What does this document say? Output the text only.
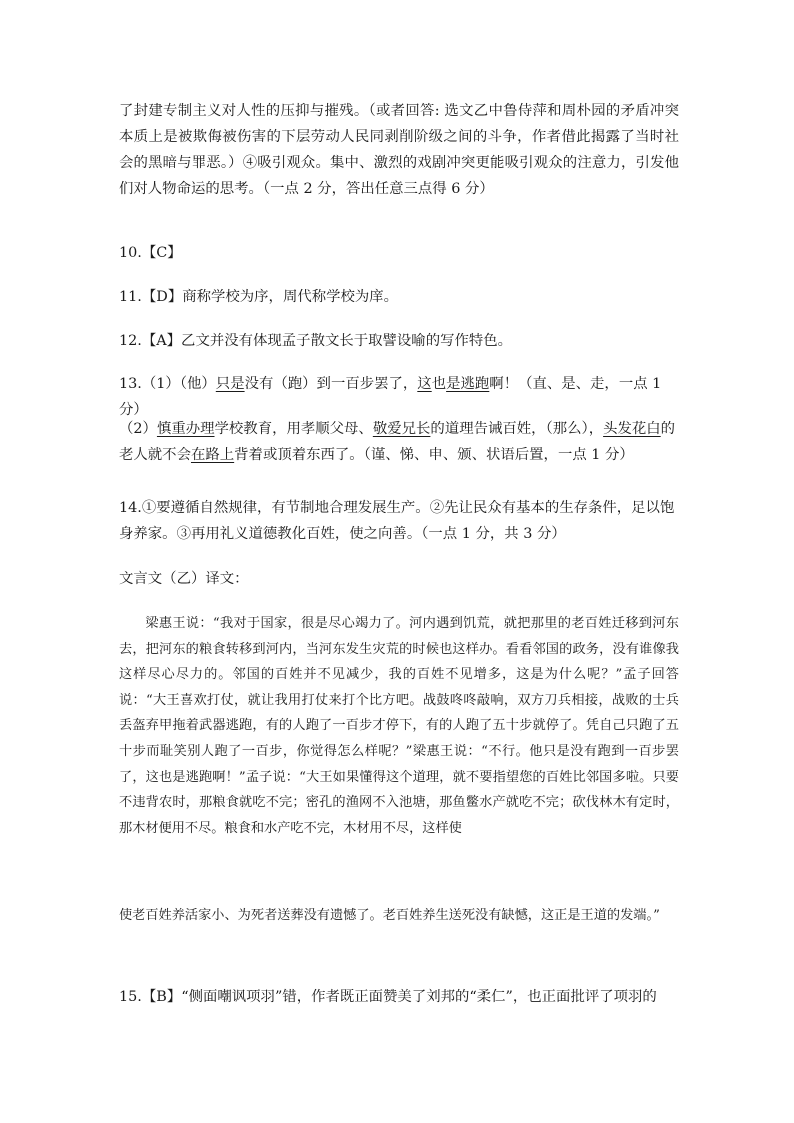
了封建专制主义对人性的压抑与摧残。（或者回答: 选文乙中鲁侍萍和周朴园的矛盾冲突本质上是被欺侮被伤害的下层劳动人民同剥削阶级之间的斗争，作者借此揭露了当时社会的黑暗与罪恶。）④吸引观众。集中、激烈的戏剧冲突更能吸引观众的注意力，引发他们对人物命运的思考。（一点 2 分，答出任意三点得 6 分）

10.【C】

11.【D】商称学校为序，周代称学校为庠。

12.【A】乙文并没有体现孟子散文长于取譬设喻的写作特色。

13.（1）（他）只是没有（跑）到一百步罢了，这也是逃跑啊！（直、是、走，一点 1 分）

（2）慎重办理学校教育，用孝顺父母、敬爱兄长的道理告诫百姓，（那么），头发花白的老人就不会在路上背着或顶着东西了。（谨、悌、申、颁、状语后置，一点 1 分）

14.①要遵循自然规律，有节制地合理发展生产。②先让民众有基本的生存条件，足以饱身养家。③再用礼义道德教化百姓，使之向善。（一点 1 分，共 3 分）

文言文（乙）译文：

梁惠王说：“我对于国家，很是尽心竭力了。河内遇到饥荒，就把那里的老百姓迁移到河东去，把河东的粮食转移到河内，当河东发生灾荒的时候也这样办。看看邻国的政务，没有谁像我这样尽心尽力的。邻国的百姓并不见减少，我的百姓不见增多，这是为什么呢？”孟子回答说：“大王喜欢打仗，就让我用打仗来打个比方吧。战鼓咚咚敲响，双方刀兵相接，战败的士兵丢盔弃甲拖着武器逃跑，有的人跑了一百步才停下，有的人跑了五十步就停了。凭自己只跑了五十步而耻笑别人跑了一百步，你觉得怎么样呢？”梁惠王说：“不行。他只是没有跑到一百步罢了，这也是逃跑啊！”孟子说：“大王如果懂得这个道理，就不要指望您的百姓比邻国多啦。只要不违背农时，那粮食就吃不完；密孔的渔网不入池塘，那鱼鳖水产就吃不完；砍伐林木有定时，那木材便用不尽。粮食和水产吃不完，木材用不尽，这样使

使老百姓养活家小、为死者送葬没有遗憾了。老百姓养生送死没有缺憾，这正是王道的发端。”

15.【B】“侧面嘲讽项羽”错，作者既正面赞美了刘邦的“柔仁”，也正面批评了项羽的
